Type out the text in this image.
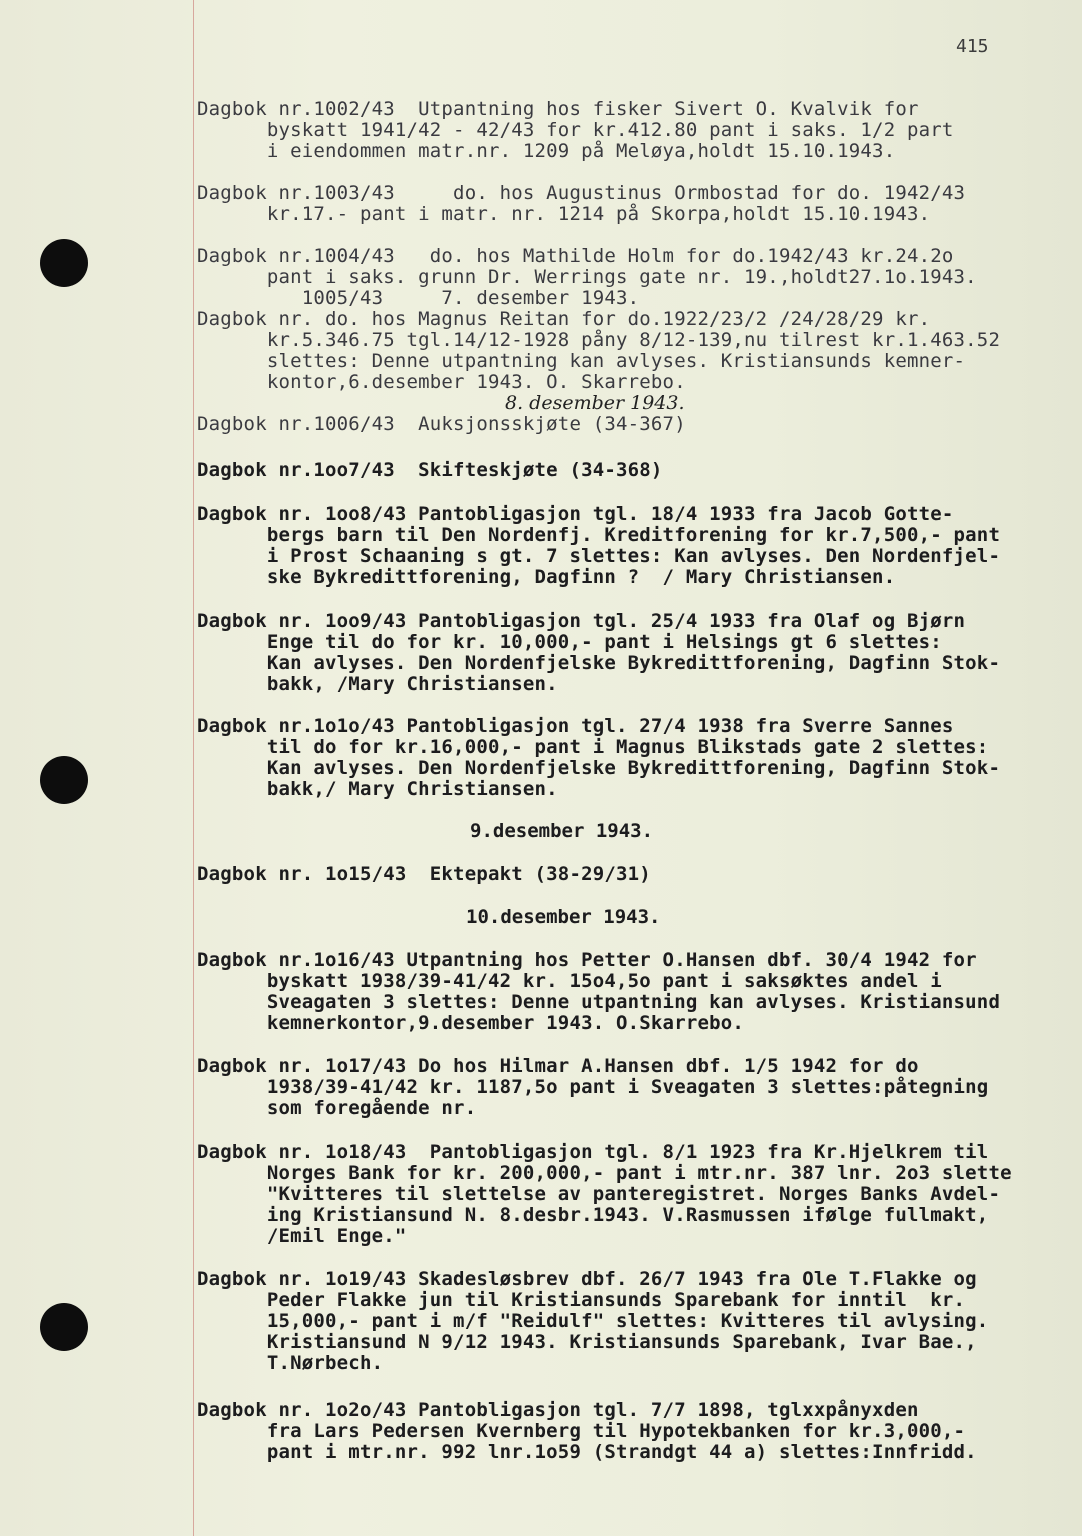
415
Dagbok nr.1002/43  Utpantning hos fisker Sivert O. Kvalvik for
byskatt 1941/42 - 42/43 for kr.412.80 pant i saks. 1/2 part
i eiendommen matr.nr. 1209 på Meløya,holdt 15.10.1943.
Dagbok nr.1003/43     do. hos Augustinus Ormbostad for do. 1942/43
kr.17.- pant i matr. nr. 1214 på Skorpa,holdt 15.10.1943.
Dagbok nr.1004/43   do. hos Mathilde Holm for do.1942/43 kr.24.2o
pant i saks. grunn Dr. Werrings gate nr. 19.,holdt27.1o.1943.
1005/43     7. desember 1943.
Dagbok nr. do. hos Magnus Reitan for do.1922/23/2 /24/28/29 kr.
kr.5.346.75 tgl.14/12-1928 påny 8/12-139,nu tilrest kr.1.463.52
slettes: Denne utpantning kan avlyses. Kristiansunds kemner-
kontor,6.desember 1943. O. Skarrebo.
8. desember 1943.
Dagbok nr.1006/43  Auksjonsskjøte (34-367)
Dagbok nr.1oo7/43  Skifteskjøte (34-368)
Dagbok nr. 1oo8/43 Pantobligasjon tgl. 18/4 1933 fra Jacob Gotte-
bergs barn til Den Nordenfj. Kreditforening for kr.7,500,- pant
i Prost Schaaning s gt. 7 slettes: Kan avlyses. Den Nordenfjel-
ske Bykredittforening, Dagfinn ?  / Mary Christiansen.
Dagbok nr. 1oo9/43 Pantobligasjon tgl. 25/4 1933 fra Olaf og Bjørn
Enge til do for kr. 10,000,- pant i Helsings gt 6 slettes:
Kan avlyses. Den Nordenfjelske Bykredittforening, Dagfinn Stok-
bakk, /Mary Christiansen.
Dagbok nr.1o1o/43 Pantobligasjon tgl. 27/4 1938 fra Sverre Sannes
til do for kr.16,000,- pant i Magnus Blikstads gate 2 slettes:
Kan avlyses. Den Nordenfjelske Bykredittforening, Dagfinn Stok-
bakk,/ Mary Christiansen.
9.desember 1943.
Dagbok nr. 1o15/43  Ektepakt (38-29/31)
10.desember 1943.
Dagbok nr.1o16/43 Utpantning hos Petter O.Hansen dbf. 30/4 1942 for
byskatt 1938/39-41/42 kr. 15o4,5o pant i saksøktes andel i
Sveagaten 3 slettes: Denne utpantning kan avlyses. Kristiansund
kemnerkontor,9.desember 1943. O.Skarrebo.
Dagbok nr. 1o17/43 Do hos Hilmar A.Hansen dbf. 1/5 1942 for do
1938/39-41/42 kr. 1187,5o pant i Sveagaten 3 slettes:påtegning
som foregående nr.
Dagbok nr. 1o18/43  Pantobligasjon tgl. 8/1 1923 fra Kr.Hjelkrem til
Norges Bank for kr. 200,000,- pant i mtr.nr. 387 lnr. 2o3 slette
"Kvitteres til slettelse av panteregistret. Norges Banks Avdel-
ing Kristiansund N. 8.desbr.1943. V.Rasmussen ifølge fullmakt,
/Emil Enge."
Dagbok nr. 1o19/43 Skadesløsbrev dbf. 26/7 1943 fra Ole T.Flakke og
Peder Flakke jun til Kristiansunds Sparebank for inntil  kr.
15,000,- pant i m/f "Reidulf" slettes: Kvitteres til avlysing.
Kristiansund N 9/12 1943. Kristiansunds Sparebank, Ivar Bae.,
T.Nørbech.
Dagbok nr. 1o2o/43 Pantobligasjon tgl. 7/7 1898, tglxxpånyxden
fra Lars Pedersen Kvernberg til Hypotekbanken for kr.3,000,-
pant i mtr.nr. 992 lnr.1o59 (Strandgt 44 a) slettes:Innfridd.
